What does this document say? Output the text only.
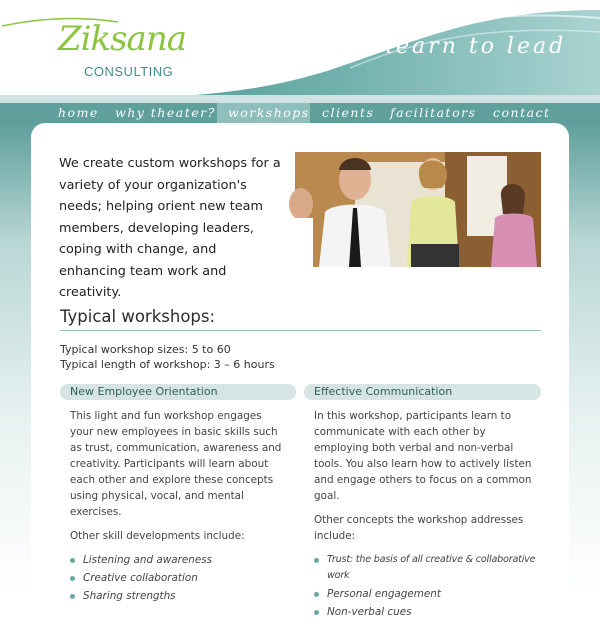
Ziksana
CONSULTING
learn to lead
home why theater? workshops clients facilitators contact
We create custom workshops for a variety of your organization's needs; helping orient new team members, developing leaders, coping with change, and enhancing team work and creativity.
Typical workshops:
Typical workshop sizes: 5 to 60
Typical length of workshop: 3 – 6 hours
New Employee Orientation

This light and fun workshop engages your new employees in basic skills such as trust, communication, awareness and creativity. Participants will learn about each other and explore these concepts using physical, vocal, and mental exercises.

Other skill developments include:

Listening and awareness
Creative collaboration
Sharing strengths
Effective Communication

In this workshop, participants learn to communicate with each other by employing both verbal and non-verbal tools. You also learn how to actively listen and engage others to focus on a common goal.

Other concepts the workshop addresses include:

Trust: the basis of all creative & collaborative work
Personal engagement
Non-verbal cues
